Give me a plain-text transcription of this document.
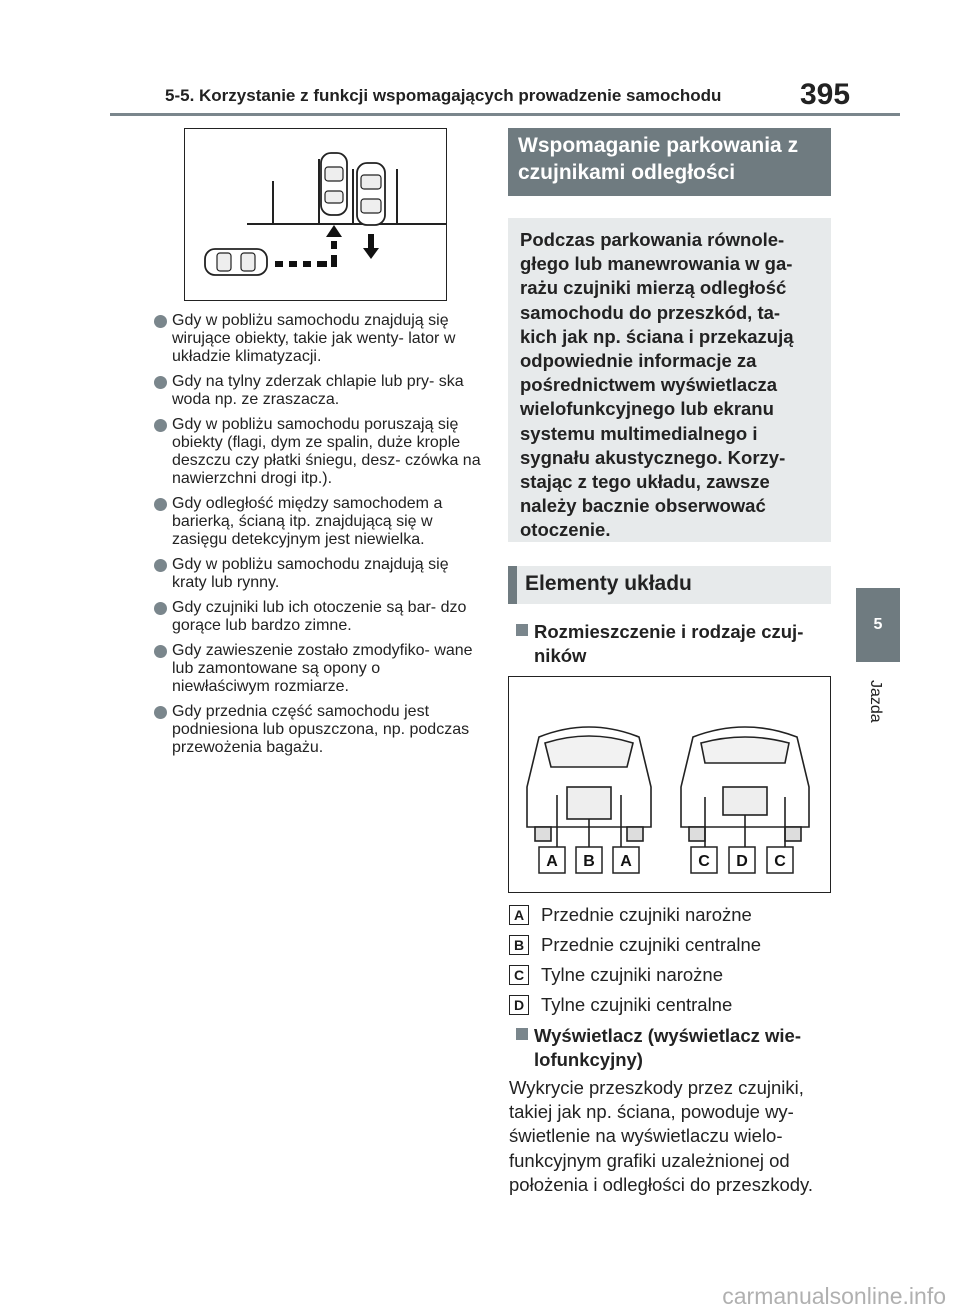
5-5. Korzystanie z funkcji wspomagających prowadzenie samochodu	395
5
Jazda
Gdy w pobliżu samochodu znajdują się wirujące obiekty, takie jak wenty- lator w układzie klimatyzacji.
Gdy na tylny zderzak chlapie lub pry- ska woda np. ze zraszacza.
Gdy w pobliżu samochodu poruszają się obiekty (flagi, dym ze spalin, duże krople deszczu czy płatki śniegu, desz- czówka na nawierzchni drogi itp.).
Gdy odległość między samochodem a barierką, ścianą itp. znajdującą się w zasięgu detekcyjnym jest niewielka.
Gdy w pobliżu samochodu znajdują się kraty lub rynny.
Gdy czujniki lub ich otoczenie są bar- dzo gorące lub bardzo zimne.
Gdy zawieszenie zostało zmodyfiko- wane lub zamontowane są opony o niewłaściwym rozmiarze.
Gdy przednia część samochodu jest podniesiona lub opuszczona, np. podczas przewożenia bagażu.
Wspomaganie parkowania z czujnikami odległości
Podczas parkowania równole- głego lub manewrowania w ga- rażu czujniki mierzą odległość samochodu do przeszkód, ta- kich jak np. ściana i przekazują odpowiednie informacje za pośrednictwem wyświetlacza wielofunkcyjnego lub ekranu systemu multimedialnego i sygnału akustycznego. Korzy- stając z tego układu, zawsze należy bacznie obserwować otoczenie.
Elementy układu
Rozmieszczenie i rodzaje czuj- ników
A B A	C D C
A Przednie czujniki narożne
B Przednie czujniki centralne
C Tylne czujniki narożne
D Tylne czujniki centralne
Wyświetlacz (wyświetlacz wie- lofunkcyjny)
Wykrycie przeszkody przez czujniki, takiej jak np. ściana, powoduje wy- świetlenie na wyświetlaczu wielo- funkcyjnym grafiki uzależnionej od położenia i odległości do przeszkody.
carmanualsonline.info
